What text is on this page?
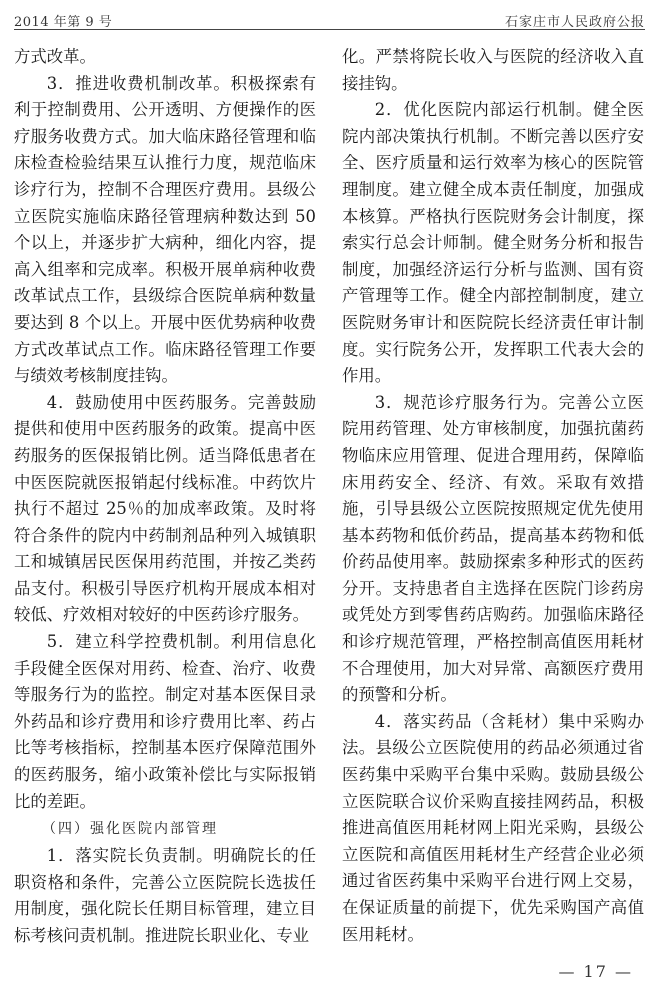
2014 年第 9 号	石家庄市人民政府公报

方式改革。

3．推进收费机制改革。积极探索有利于控制费用、公开透明、方便操作的医疗服务收费方式。加大临床路径管理和临床检查检验结果互认推行力度，规范临床诊疗行为，控制不合理医疗费用。县级公立医院实施临床路径管理病种数达到 50 个以上，并逐步扩大病种，细化内容，提高入组率和完成率。积极开展单病种收费改革试点工作，县级综合医院单病种数量要达到 8 个以上。开展中医优势病种收费方式改革试点工作。临床路径管理工作要与绩效考核制度挂钩。

4．鼓励使用中医药服务。完善鼓励提供和使用中医药服务的政策。提高中医药服务的医保报销比例。适当降低患者在中医医院就医报销起付线标准。中药饮片执行不超过 25％的加成率政策。及时将符合条件的院内中药制剂品种列入城镇职工和城镇居民医保用药范围，并按乙类药品支付。积极引导医疗机构开展成本相对较低、疗效相对较好的中医药诊疗服务。

5．建立科学控费机制。利用信息化手段健全医保对用药、检查、治疗、收费等服务行为的监控。制定对基本医保目录外药品和诊疗费用和诊疗费用比率、药占比等考核指标，控制基本医疗保障范围外的医药服务，缩小政策补偿比与实际报销比的差距。

（四）强化医院内部管理

1．落实院长负责制。明确院长的任职资格和条件，完善公立医院院长选拔任用制度，强化院长任期目标管理，建立目标考核问责机制。推进院长职业化、专业

化。严禁将院长收入与医院的经济收入直接挂钩。

2．优化医院内部运行机制。健全医院内部决策执行机制。不断完善以医疗安全、医疗质量和运行效率为核心的医院管理制度。建立健全成本责任制度，加强成本核算。严格执行医院财务会计制度，探索实行总会计师制。健全财务分析和报告制度，加强经济运行分析与监测、国有资产管理等工作。健全内部控制制度，建立医院财务审计和医院院长经济责任审计制度。实行院务公开，发挥职工代表大会的作用。

3．规范诊疗服务行为。完善公立医院用药管理、处方审核制度，加强抗菌药物临床应用管理、促进合理用药，保障临床用药安全、经济、有效。采取有效措施，引导县级公立医院按照规定优先使用基本药物和低价药品，提高基本药物和低价药品使用率。鼓励探索多种形式的医药分开。支持患者自主选择在医院门诊药房或凭处方到零售药店购药。加强临床路径和诊疗规范管理，严格控制高值医用耗材不合理使用，加大对异常、高额医疗费用的预警和分析。

4．落实药品（含耗材）集中采购办法。县级公立医院使用的药品必须通过省医药集中采购平台集中采购。鼓励县级公立医院联合议价采购直接挂网药品，积极推进高值医用耗材网上阳光采购，县级公立医院和高值医用耗材生产经营企业必须通过省医药集中采购平台进行网上交易，在保证质量的前提下，优先采购国产高值医用耗材。

— 17 —
